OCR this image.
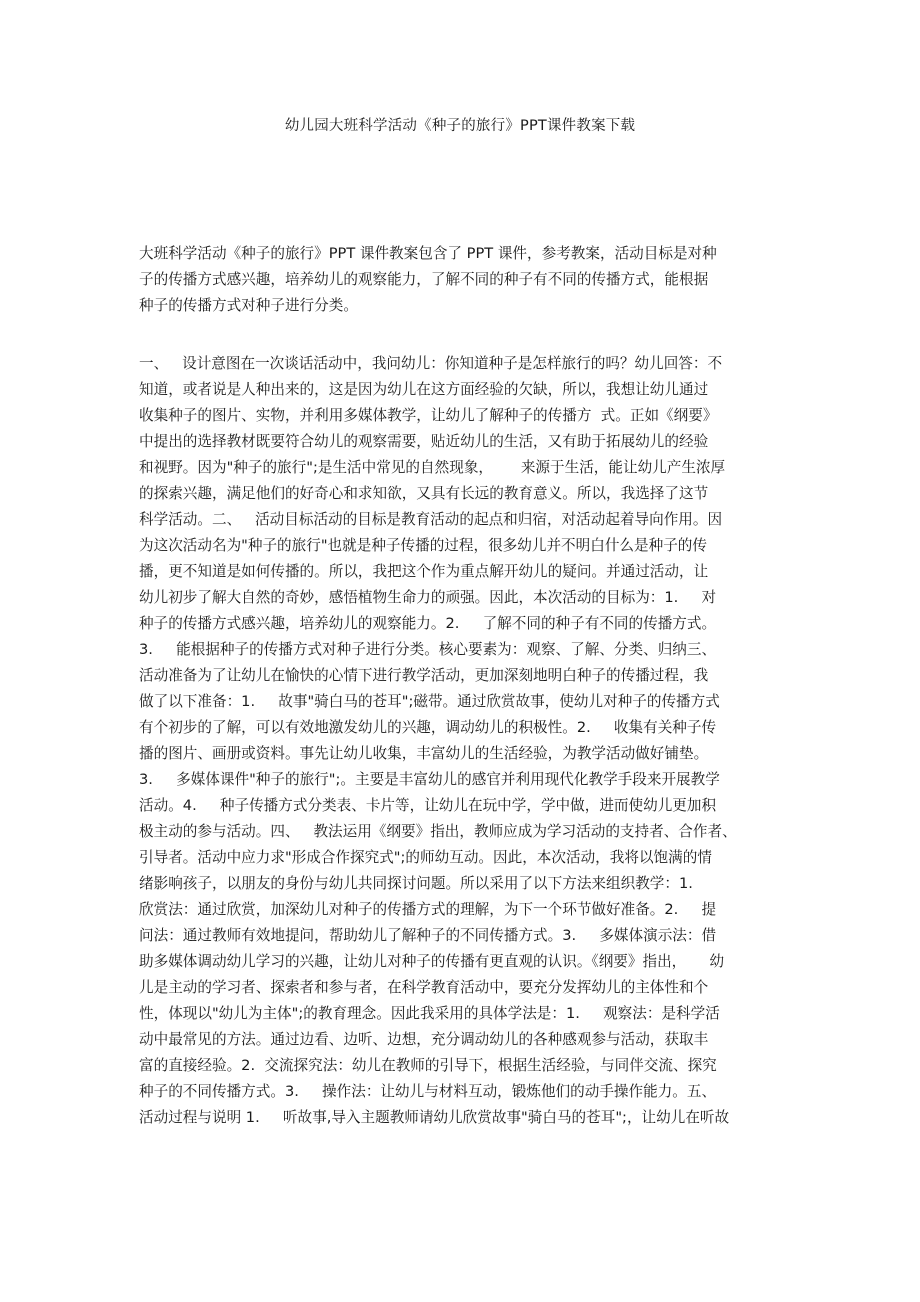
幼儿园大班科学活动《种子的旅行》PPT课件教案下载
大班科学活动《种子的旅行》PPT 课件教案包含了 PPT 课件，参考教案，活动目标是对种
子的传播方式感兴趣，培养幼儿的观察能力，了解不同的种子有不同的传播方式，能根据
种子的传播方式对种子进行分类。
一、   设计意图在一次谈话活动中，我问幼儿：你知道种子是怎样旅行的吗？幼儿回答：不
知道，或者说是人种出来的，这是因为幼儿在这方面经验的欠缺，所以，我想让幼儿通过
收集种子的图片、实物，并利用多媒体教学，让幼儿了解种子的传播方  式。正如《纲要》
中提出的选择教材既要符合幼儿的观察需要，贴近幼儿的生活，又有助于拓展幼儿的经验
和视野。因为"种子的旅行";是生活中常见的自然现象，      来源于生活，能让幼儿产生浓厚
的探索兴趣，满足他们的好奇心和求知欲，又具有长远的教育意义。所以，我选择了这节
科学活动。二、   活动目标活动的目标是教育活动的起点和归宿，对活动起着导向作用。因
为这次活动名为"种子的旅行"也就是种子传播的过程，很多幼儿并不明白什么是种子的传
播，更不知道是如何传播的。所以，我把这个作为重点解开幼儿的疑问。并通过活动，让
幼儿初步了解大自然的奇妙，感悟植物生命力的顽强。因此，本次活动的目标为：1.     对
种子的传播方式感兴趣，培养幼儿的观察能力。2.     了解不同的种子有不同的传播方式。
3.     能根据种子的传播方式对种子进行分类。核心要素为：观察、了解、分类、归纳三、
活动准备为了让幼儿在愉快的心情下进行教学活动，更加深刻地明白种子的传播过程，我
做了以下准备：1.     故事"骑白马的苍耳";磁带。通过欣赏故事，使幼儿对种子的传播方式
有个初步的了解，可以有效地激发幼儿的兴趣，调动幼儿的积极性。2.     收集有关种子传
播的图片、画册或资料。事先让幼儿收集，丰富幼儿的生活经验，为教学活动做好铺垫。
3.     多媒体课件"种子的旅行";。主要是丰富幼儿的感官并利用现代化教学手段来开展教学
活动。4.     种子传播方式分类表、卡片等，让幼儿在玩中学，学中做，进而使幼儿更加积
极主动的参与活动。四、   教法运用《纲要》指出，教师应成为学习活动的支持者、合作者、
引导者。活动中应力求"形成合作探究式";的师幼互动。因此，本次活动，我将以饱满的情
绪影响孩子，以朋友的身份与幼儿共同探讨问题。所以采用了以下方法来组织教学：1.
欣赏法：通过欣赏，加深幼儿对种子的传播方式的理解，为下一个环节做好准备。2.     提
问法：通过教师有效地提问，帮助幼儿了解种子的不同传播方式。3.     多媒体演示法：借
助多媒体调动幼儿学习的兴趣，让幼儿对种子的传播有更直观的认识。《纲要》指出，     幼
儿是主动的学习者、探索者和参与者，在科学教育活动中，要充分发挥幼儿的主体性和个
性，体现以"幼儿为主体";的教育理念。因此我采用的具体学法是：1.     观察法：是科学活
动中最常见的方法。通过边看、边听、边想，充分调动幼儿的各种感观参与活动，获取丰
富的直接经验。2.  交流探究法：幼儿在教师的引导下，根据生活经验，与同伴交流、探究
种子的不同传播方式。3.     操作法：让幼儿与材料互动，锻炼他们的动手操作能力。五、
活动过程与说明 1.     听故事,导入主题教师请幼儿欣赏故事"骑白马的苍耳";，让幼儿在听故
